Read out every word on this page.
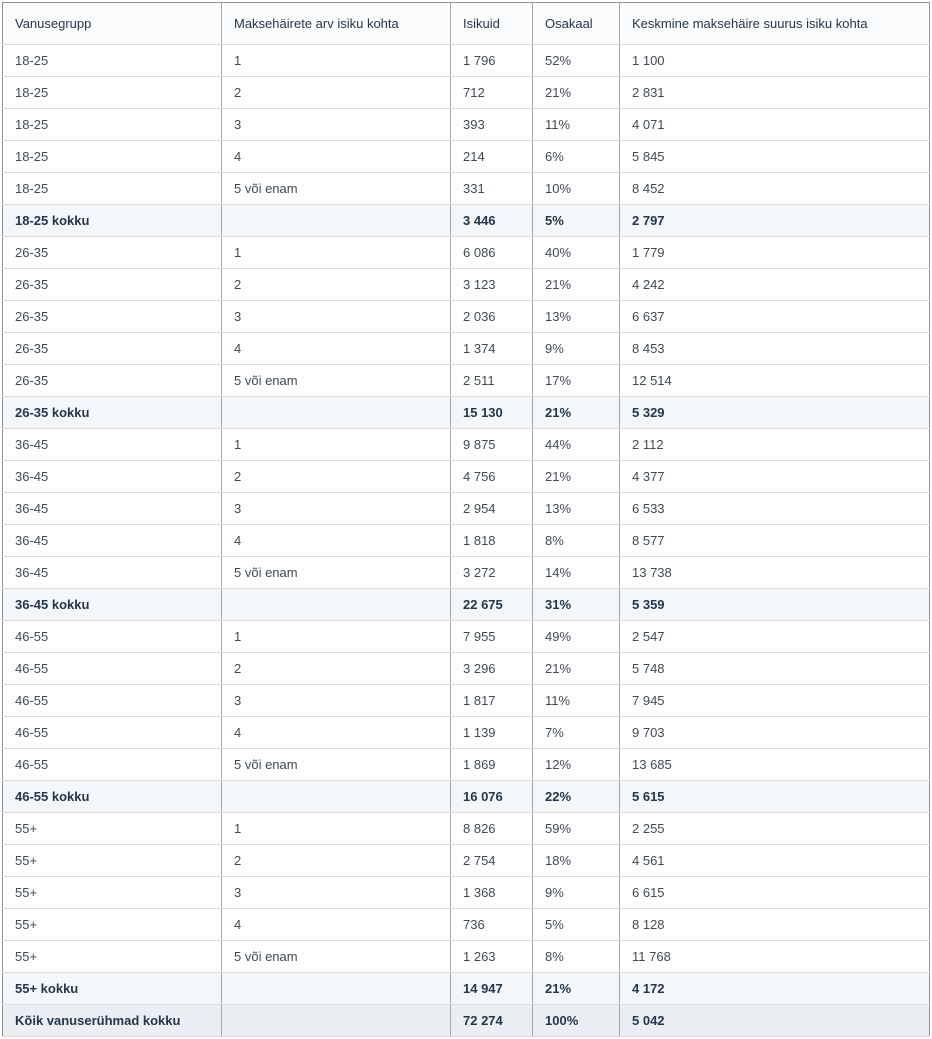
Vanusegrupp	Maksehäirete arv isiku kohta	Isikuid	Osakaal	Keskmine maksehäire suurus isiku kohta
18-25	1	1 796	52%	1 100
18-25	2	712	21%	2 831
18-25	3	393	11%	4 071
18-25	4	214	6%	5 845
18-25	5 või enam	331	10%	8 452
18-25 kokku		3 446	5%	2 797
26-35	1	6 086	40%	1 779
26-35	2	3 123	21%	4 242
26-35	3	2 036	13%	6 637
26-35	4	1 374	9%	8 453
26-35	5 või enam	2 511	17%	12 514
26-35 kokku		15 130	21%	5 329
36-45	1	9 875	44%	2 112
36-45	2	4 756	21%	4 377
36-45	3	2 954	13%	6 533
36-45	4	1 818	8%	8 577
36-45	5 või enam	3 272	14%	13 738
36-45 kokku		22 675	31%	5 359
46-55	1	7 955	49%	2 547
46-55	2	3 296	21%	5 748
46-55	3	1 817	11%	7 945
46-55	4	1 139	7%	9 703
46-55	5 või enam	1 869	12%	13 685
46-55 kokku		16 076	22%	5 615
55+	1	8 826	59%	2 255
55+	2	2 754	18%	4 561
55+	3	1 368	9%	6 615
55+	4	736	5%	8 128
55+	5 või enam	1 263	8%	11 768
55+ kokku		14 947	21%	4 172
Kõik vanuserühmad kokku		72 274	100%	5 042
